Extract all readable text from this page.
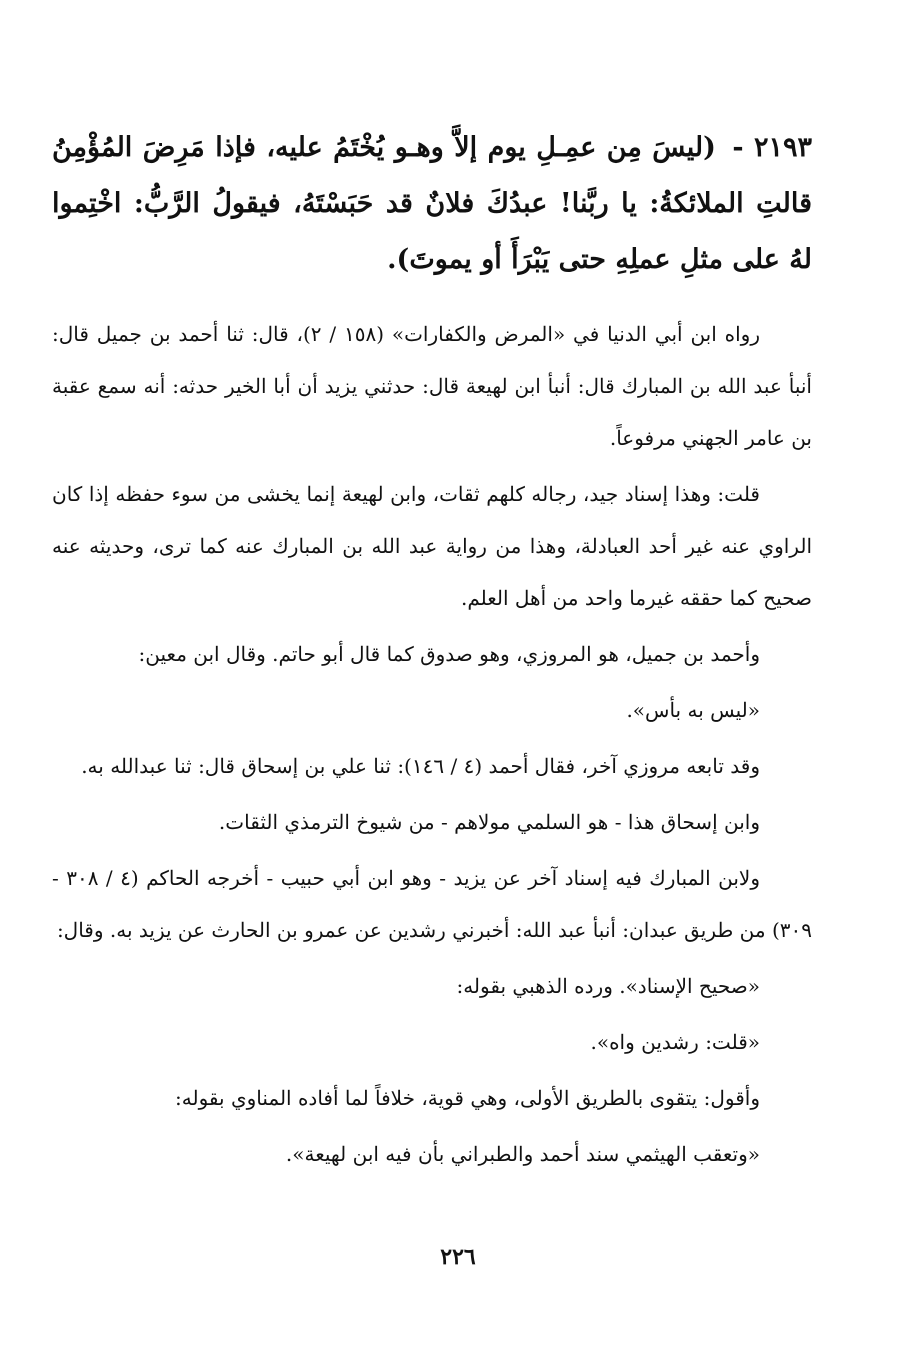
٢١٩٣ - (ليسَ مِن عمِـلِ يوم إلاَّ وهـو يُخْتَمُ عليه، فإذا مَرِضَ المُؤْمِنُ قالتِ الملائكةُ: يا ربَّنا! عبدُكَ فلانٌ قد حَبَسْتَهُ، فيقولُ الرَّبُّ: اخْتِموا لهُ على مثلِ عملِهِ حتى يَبْرَأَ أو يموتَ).

رواه ابن أبي الدنيا في «المرض والكفارات» (١٥٨ / ٢)، قال: ثنا أحمد بن جميل قال: أنبأ عبد الله بن المبارك قال: أنبأ ابن لهيعة قال: حدثني يزيد أن أبا الخير حدثه: أنه سمع عقبة بن عامر الجهني مرفوعاً.

قلت: وهذا إسناد جيد، رجاله كلهم ثقات، وابن لهيعة إنما يخشى من سوء حفظه إذا كان الراوي عنه غير أحد العبادلة، وهذا من رواية عبد الله بن المبارك عنه كما ترى، وحديثه عنه صحيح كما حققه غيرما واحد من أهل العلم.

وأحمد بن جميل، هو المروزي، وهو صدوق كما قال أبو حاتم. وقال ابن معين:

«ليس به بأس».

وقد تابعه مروزي آخر، فقال أحمد (٤ / ١٤٦): ثنا علي بن إسحاق قال: ثنا عبدالله به.

وابن إسحاق هذا - هو السلمي مولاهم - من شيوخ الترمذي الثقات.

ولابن المبارك فيه إسناد آخر عن يزيد - وهو ابن أبي حبيب - أخرجه الحاكم (٤ / ٣٠٨ - ٣٠٩) من طريق عبدان: أنبأ عبد الله: أخبرني رشدين عن عمرو بن الحارث عن يزيد به. وقال:

«صحيح الإسناد». ورده الذهبي بقوله:

«قلت: رشدين واه».

وأقول: يتقوى بالطريق الأولى، وهي قوية، خلافاً لما أفاده المناوي بقوله:

«وتعقب الهيثمي سند أحمد والطبراني بأن فيه ابن لهيعة».

٢٢٦
